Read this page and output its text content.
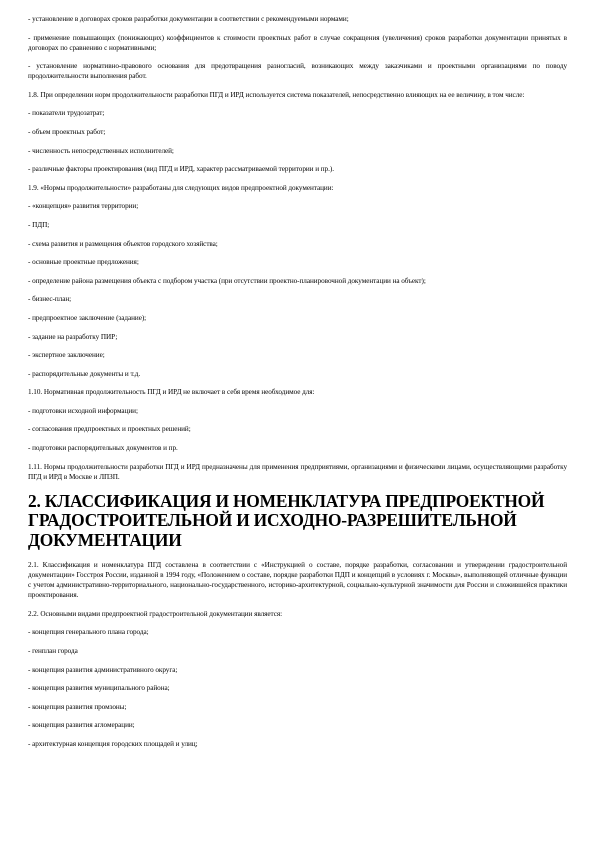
- установление в договорах сроков разработки документации в соответствии с рекомендуемыми нормами;

- применение повышающих (понижающих) коэффициентов к стоимости проектных работ в случае сокращения (увеличения) сроков разработки документации принятых в договорах по сравнению с нормативными;

- установление нормативно-правового основания для предотвращения разногласий, возникающих между заказчиками и проектными организациями по поводу продолжительности выполнения работ.

1.8. При определении норм продолжительности разработки ПГД и ИРД используется система показателей, непосредственно влияющих на ее величину, в том числе:

- показатели трудозатрат;

- объем проектных работ;

- численность непосредственных исполнителей;

- различные факторы проектирования (вид ПГД и ИРД, характер рассматриваемой территории и пр.).

1.9. «Нормы продолжительности» разработаны для следующих видов предпроектной документации:

- «концепция» развития территории;

- ПДП;

- схема развития и размещения объектов городского хозяйства;

- основные проектные предложения;

- определение района размещения объекта с подбором участка (при отсутствии проектно-планировочной документации на объект);

- бизнес-план;

- предпроектное заключение (задание);

- задание на разработку ПИР;

- экспертное заключение;

- распорядительные документы и т.д.

1.10. Нормативная продолжительность ПГД и ИРД не включает в себя время необходимое для:

- подготовки исходной информации;

- согласования предпроектных и проектных решений;

- подготовки распорядительных документов и пр.

1.11. Нормы продолжительности разработки ПГД и ИРД предназначены для применения предприятиями, организациями и физическими лицами, осуществляющими разработку ПГД и ИРД в Москве и ЛПЗП.

2. КЛАССИФИКАЦИЯ И НОМЕНКЛАТУРА ПРЕДПРОЕКТНОЙ ГРАДОСТРОИТЕЛЬНОЙ И ИСХОДНО-РАЗРЕШИТЕЛЬНОЙ ДОКУМЕНТАЦИИ

2.1. Классификация и номенклатура ПГД составлена в соответствии с «Инструкцией о составе, порядке разработки, согласовании и утверждении градостроительной документации» Госстроя России, изданной в 1994 году, «Положением о составе, порядке разработки ПДП и концепций в условиях г. Москвы», выполняющей отличные функции с учетом административно-территориального, национально-государственного, историко-архитектурной, социально-культурной значимости для России и сложившейся практики проектирования.

2.2. Основными видами предпроектной градостроительной документации является:

- концепция генерального плана города;

- генплан города

- концепция развития административного округа;

- концепция развития муниципального района;

- концепция развития промзоны;

- концепция развития агломерации;

- архитектурная концепция городских площадей и улиц;
